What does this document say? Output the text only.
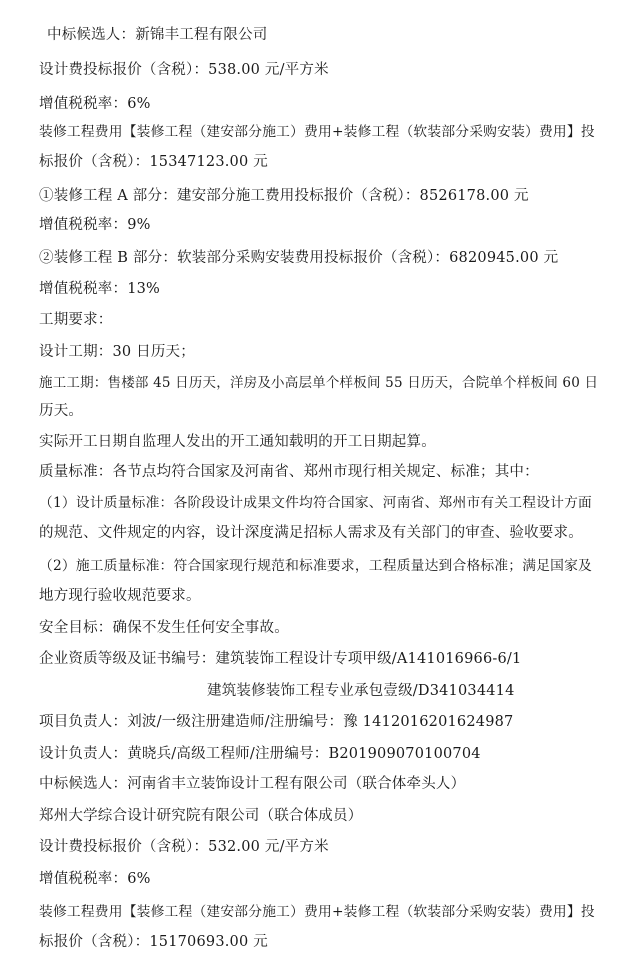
中标候选人：新锦丰工程有限公司
设计费投标报价（含税）：538.00 元/平方米
增值税税率：6%
装修工程费用【装修工程（建安部分施工）费用+装修工程（软装部分采购安装）费用】投
标报价（含税）：15347123.00 元
①装修工程 A 部分：建安部分施工费用投标报价（含税）：8526178.00 元
增值税税率：9%
②装修工程 B 部分：软装部分采购安装费用投标报价（含税）：6820945.00 元
增值税税率：13%
工期要求：
设计工期：30 日历天；
施工工期：售楼部 45 日历天，洋房及小高层单个样板间 55 日历天，合院单个样板间 60 日
历天。
实际开工日期自监理人发出的开工通知载明的开工日期起算。
质量标准：各节点均符合国家及河南省、郑州市现行相关规定、标准；其中：
（1）设计质量标准：各阶段设计成果文件均符合国家、河南省、郑州市有关工程设计方面
的规范、文件规定的内容，设计深度满足招标人需求及有关部门的审查、验收要求。
（2）施工质量标准：符合国家现行规范和标准要求，工程质量达到合格标准；满足国家及
地方现行验收规范要求。
安全目标：确保不发生任何安全事故。
企业资质等级及证书编号：建筑装饰工程设计专项甲级/A141016966-6/1
建筑装修装饰工程专业承包壹级/D341034414
项目负责人：刘波/一级注册建造师/注册编号：豫 1412016201624987
设计负责人：黄晓兵/高级工程师/注册编号：B201909070100704
中标候选人：河南省丰立装饰设计工程有限公司（联合体牵头人）
郑州大学综合设计研究院有限公司（联合体成员）
设计费投标报价（含税）：532.00 元/平方米
增值税税率：6%
装修工程费用【装修工程（建安部分施工）费用+装修工程（软装部分采购安装）费用】投
标报价（含税）：15170693.00 元
